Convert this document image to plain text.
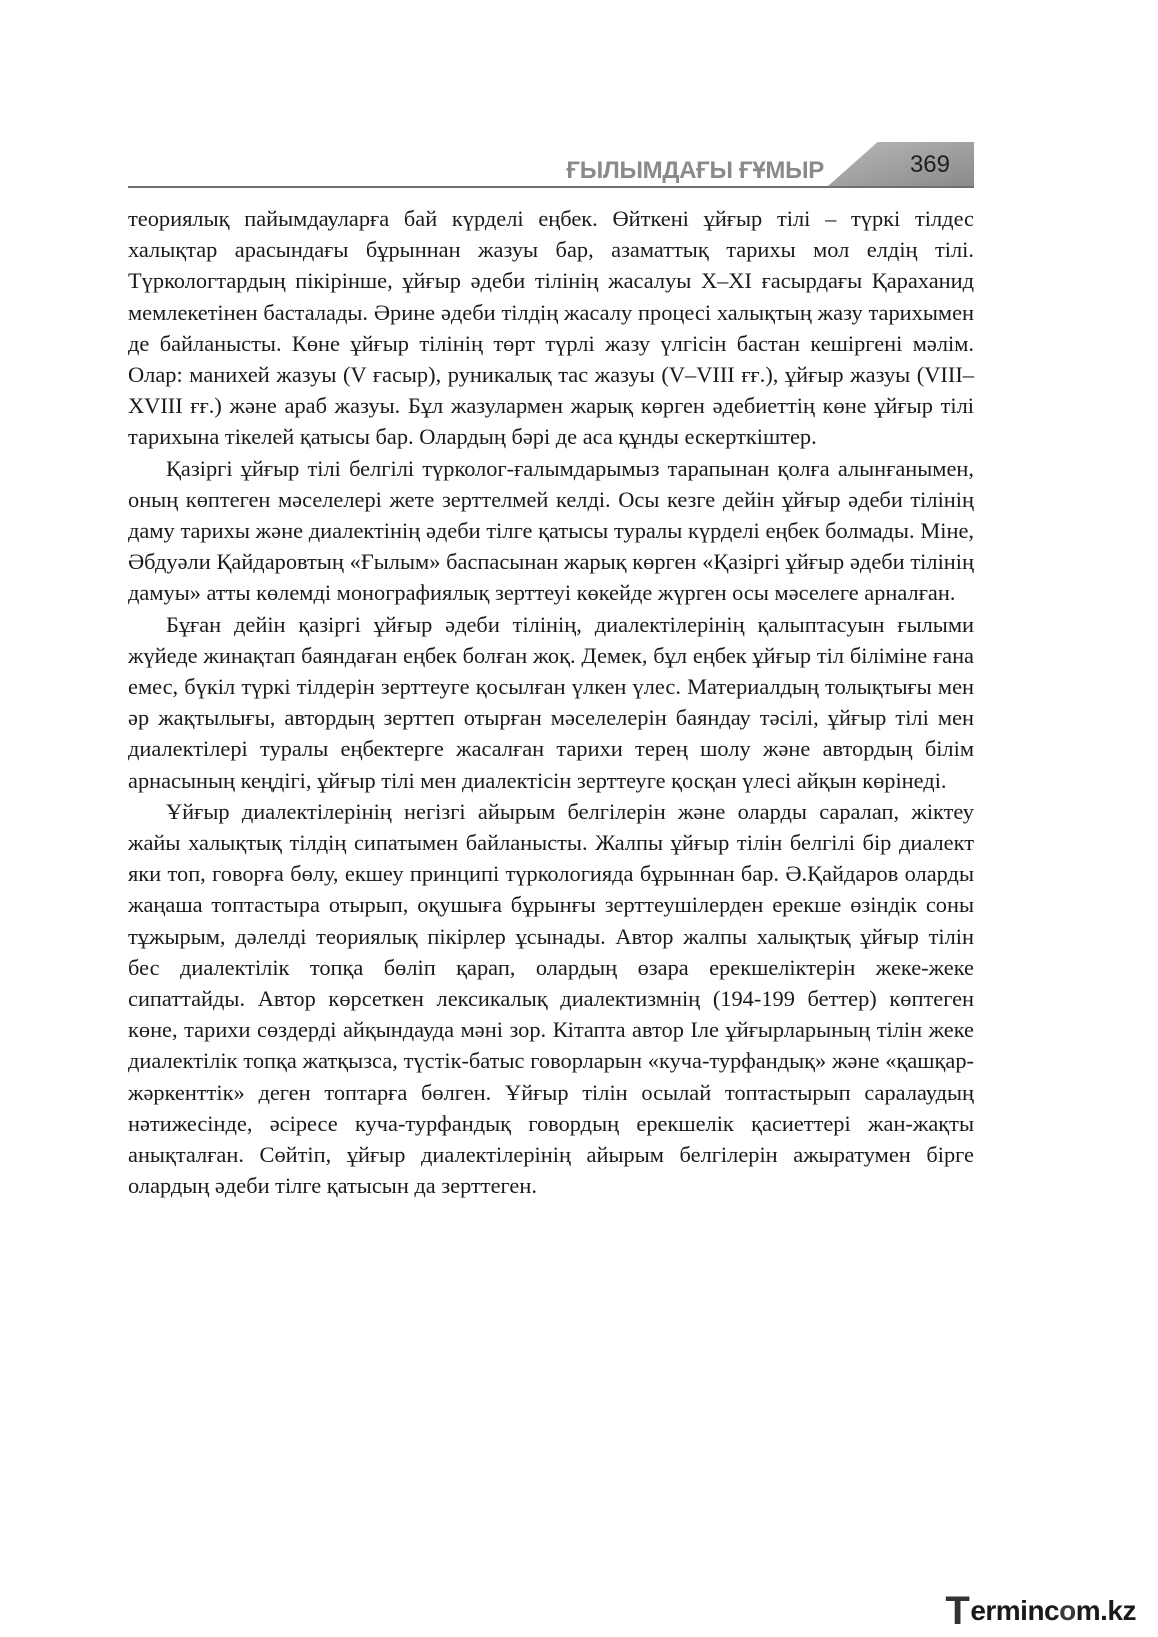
ҒЫЛЫМДАҒЫ ҒҰМЫР	369

теориялық пайымдауларға бай күрделі еңбек. Өйткені ұйғыр тілі – түркі тілдес халықтар арасындағы бұрыннан жазуы бар, азаматтық тарихы мол елдің тілі. Түркологтардың пікірінше, ұйғыр әдеби тілінің жасалуы X–XI ғасырдағы Қараханид мемлекетінен басталады. Әрине әдеби тілдің жасалу процесі халықтың жазу тарихымен де байланысты. Көне ұйғыр тілінің төрт түрлі жазу үлгісін бастан кешіргені мәлім. Олар: манихей жазуы (V ғасыр), руникалық тас жазуы (V–VIII ғғ.), ұйғыр жазуы (VIII–XVIII ғғ.) және араб жазуы. Бұл жазулармен жарық көрген әдебиеттің көне ұйғыр тілі тарихына тікелей қатысы бар. Олардың бәрі де аса құнды ескерткіштер.

Қазіргі ұйғыр тілі белгілі түрколог-ғалымдарымыз тарапынан қолға алынғанымен, оның көптеген мәселелері жете зерттелмей келді. Осы кезге дейін ұйғыр әдеби тілінің даму тарихы және диалектінің әдеби тілге қатысы туралы күрделі еңбек болмады. Міне, Әбдуәли Қайдаровтың «Ғылым» баспасынан жарық көрген «Қазіргі ұйғыр әдеби тілінің дамуы» атты көлемді монографиялық зерттеуі көкейде жүрген осы мәселеге арналған.

Бұған дейін қазіргі ұйғыр әдеби тілінің, диалектілерінің қалыптасуын ғылыми жүйеде жинақтап баяндаған еңбек болған жоқ. Демек, бұл еңбек ұйғыр тіл біліміне ғана емес, бүкіл түркі тілдерін зерттеуге қосылған үлкен үлес. Материалдың толықтығы мен әр жақтылығы, автордың зерттеп отырған мәселелерін баяндау тәсілі, ұйғыр тілі мен диалектілері туралы еңбектерге жасалған тарихи терең шолу және автордың білім арнасының кеңдігі, ұйғыр тілі мен диалектісін зерттеуге қосқан үлесі айқын көрінеді.

Ұйғыр диалектілерінің негізгі айырым белгілерін және оларды саралап, жіктеу жайы халықтық тілдің сипатымен байланысты. Жалпы ұйғыр тілін белгілі бір диалект яки топ, говорға бөлу, екшеу принципі түркологияда бұрыннан бар. Ә.Қайдаров оларды жаңаша топтастыра отырып, оқушыға бұрынғы зерттеушілерден ерекше өзіндік соны тұжырым, дәлелді теориялық пікірлер ұсынады. Автор жалпы халықтық ұйғыр тілін бес диалектілік топқа бөліп қарап, олардың өзара ерекшеліктерін жеке-жеке сипаттайды. Автор көрсеткен лексикалық диалектизмнің (194-199 беттер) көптеген көне, тарихи сөздерді айқындауда мәні зор. Кітапта автор Іле ұйғырларының тілін жеке диалектілік топқа жатқызса, түстік-батыс говорларын «куча-турфандық» және «қашқар-жәркенттік» деген топтарға бөлген. Ұйғыр тілін осылай топтастырып саралаудың нәтижесінде, әсіресе куча-турфандық говордың ерекшелік қасиеттері жан-жақты анықталған. Сөйтіп, ұйғыр диалектілерінің айырым белгілерін ажыратумен бірге олардың әдеби тілге қатысын да зерттеген.

Termincom.kz
